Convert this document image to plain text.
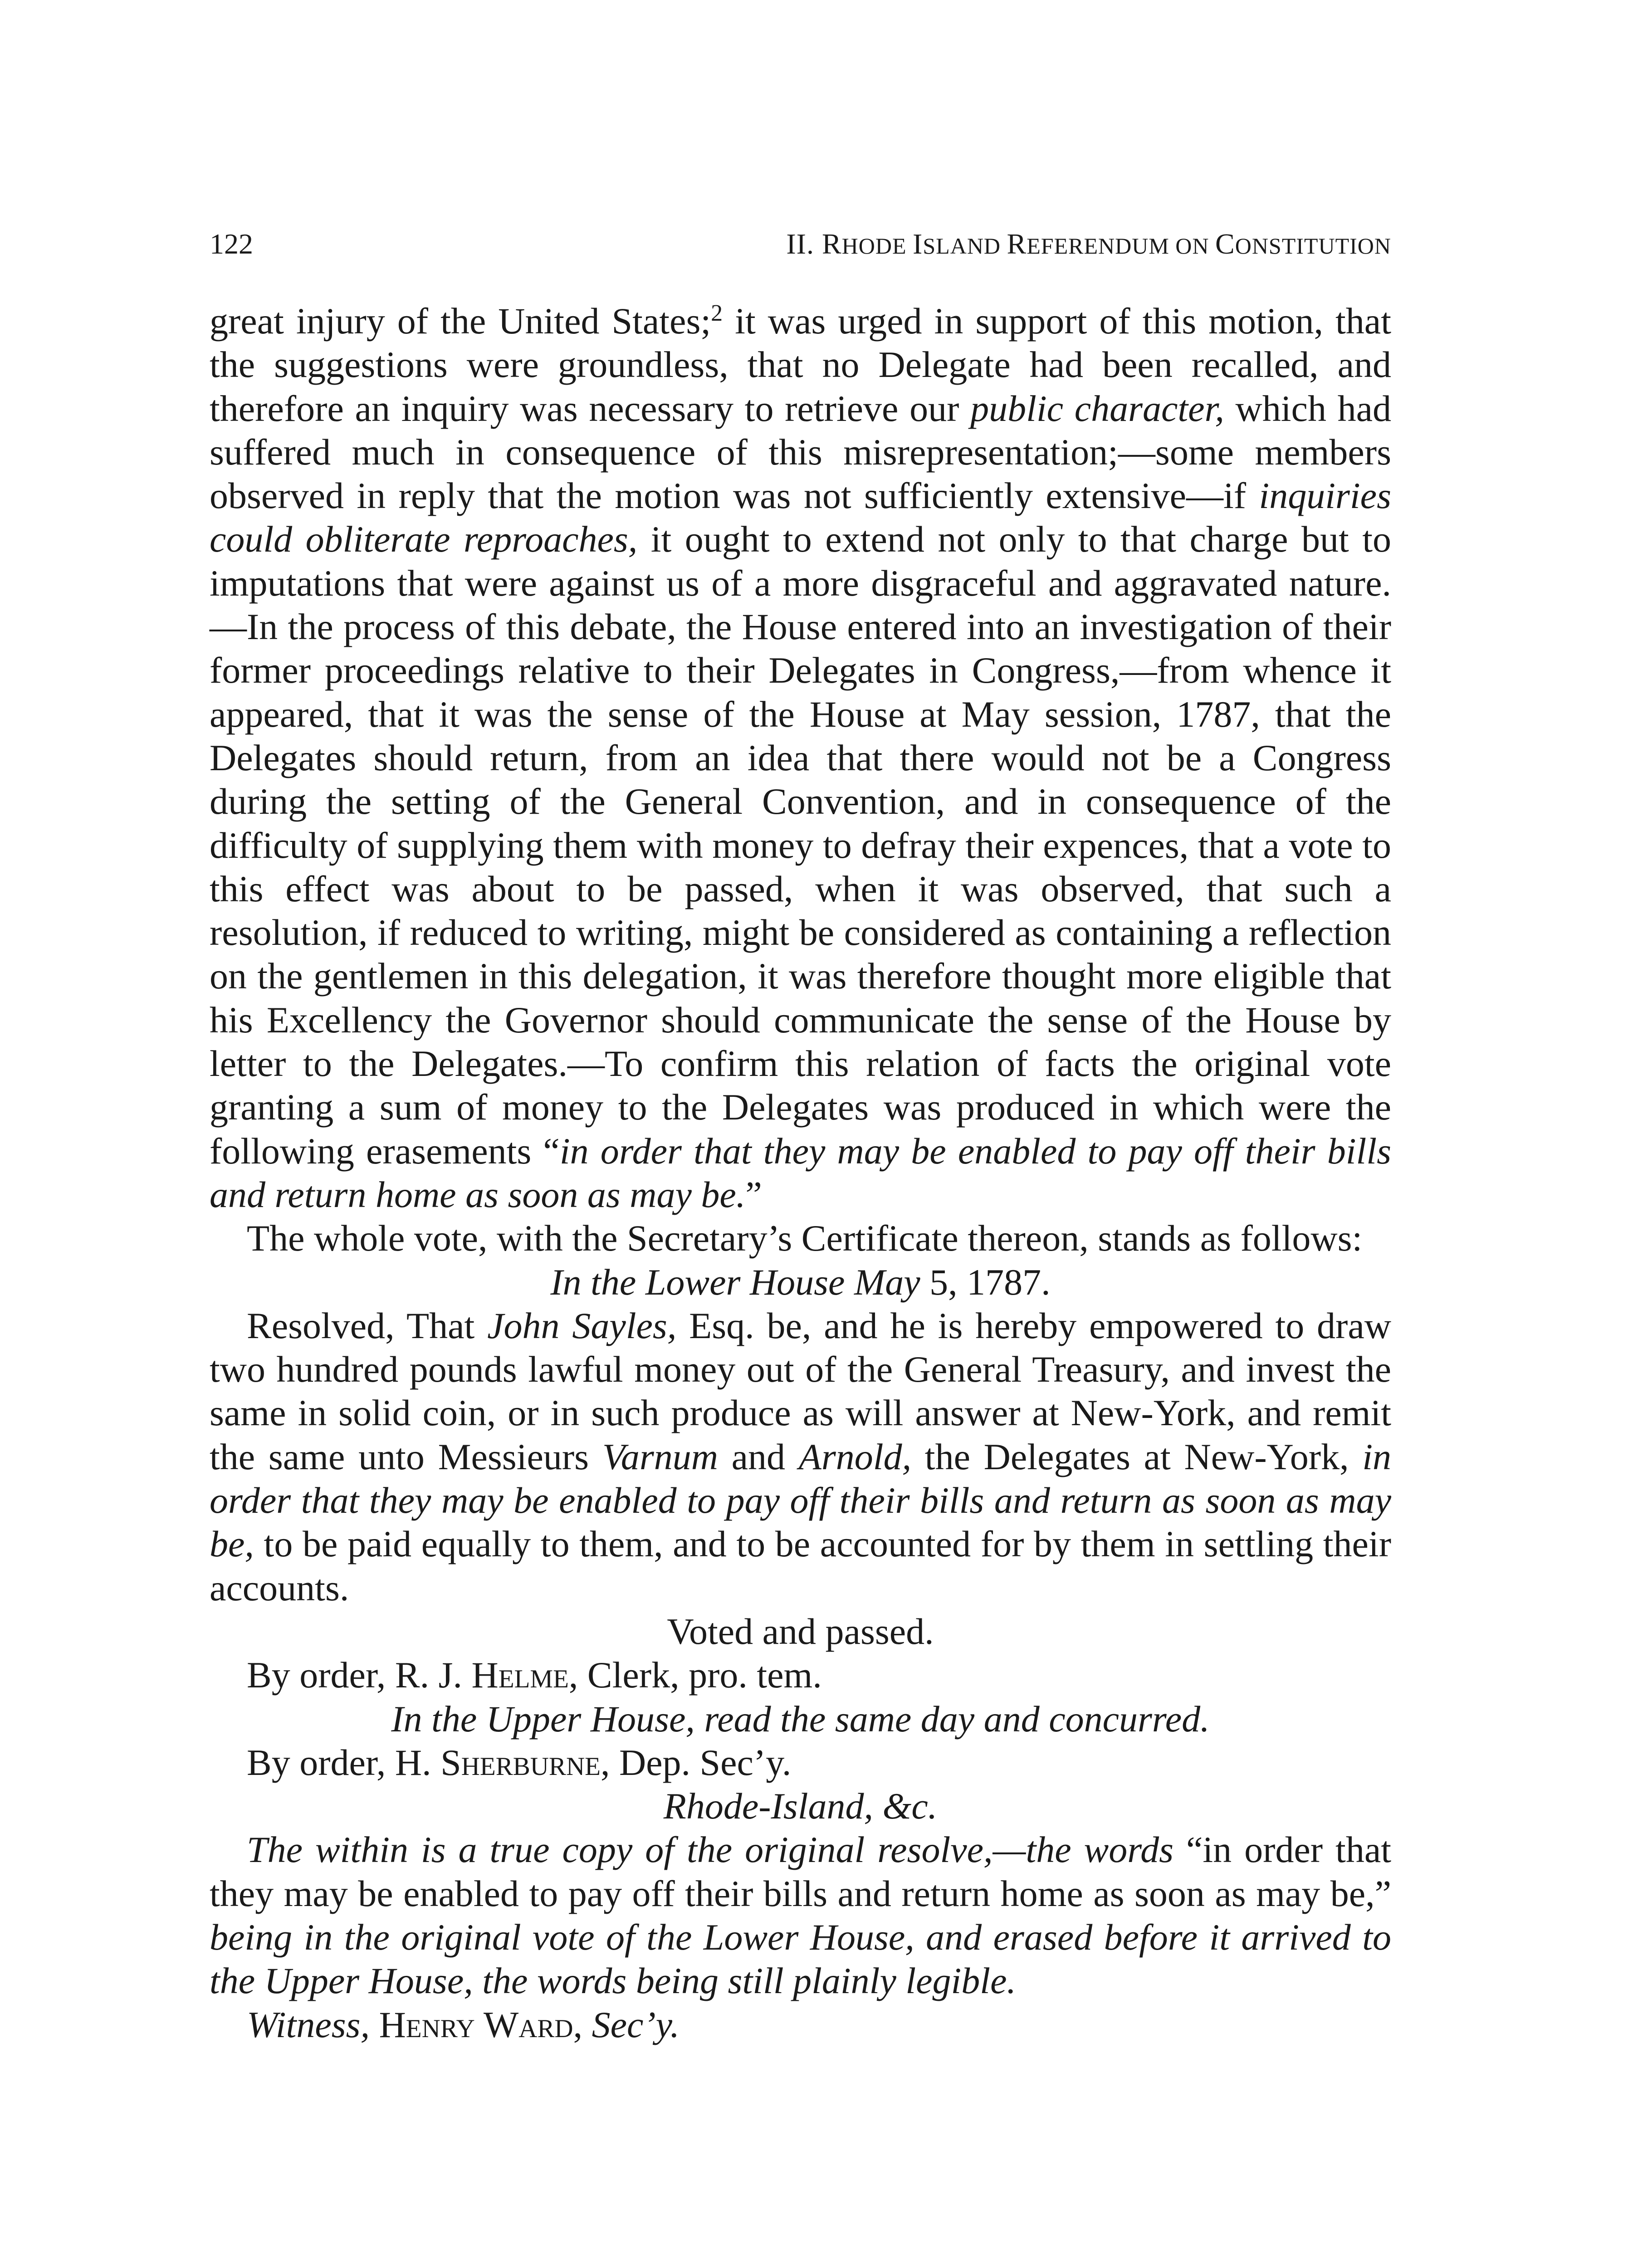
122	II. RHODE ISLAND REFERENDUM ON CONSTITUTION

great injury of the United States;$^2$ it was urged in support of this motion, that the suggestions were groundless, that no Delegate had been recalled, and therefore an inquiry was necessary to retrieve our public character, which had suffered much in consequence of this misrepresentation;—some members observed in reply that the motion was not sufficiently extensive—if inquiries could obliterate reproaches, it ought to extend not only to that charge but to imputations that were against us of a more disgraceful and aggravated nature.—In the process of this debate, the House entered into an investigation of their former proceedings relative to their Delegates in Congress,—from whence it appeared, that it was the sense of the House at May session, 1787, that the Delegates should return, from an idea that there would not be a Congress during the setting of the General Convention, and in consequence of the difficulty of supplying them with money to defray their expences, that a vote to this effect was about to be passed, when it was observed, that such a resolution, if reduced to writing, might be considered as containing a reflection on the gentlemen in this delegation, it was therefore thought more eligible that his Excellency the Governor should communicate the sense of the House by letter to the Delegates.—To confirm this relation of facts the original vote granting a sum of money to the Delegates was produced in which were the following erasements “in order that they may be enabled to pay off their bills and return home as soon as may be.”

The whole vote, with the Secretary’s Certificate thereon, stands as follows:

In the Lower House May 5, 1787.

Resolved, That John Sayles, Esq. be, and he is hereby empowered to draw two hundred pounds lawful money out of the General Treasury, and invest the same in solid coin, or in such produce as will answer at New-York, and remit the same unto Messieurs Varnum and Arnold, the Delegates at New-York, in order that they may be enabled to pay off their bills and return as soon as may be, to be paid equally to them, and to be accounted for by them in settling their accounts.

Voted and passed.

By order, R. J. Helme, Clerk, pro. tem.

In the Upper House, read the same day and concurred.

By order, H. Sherburne, Dep. Sec’y.

Rhode-Island, &c.

The within is a true copy of the original resolve,—the words “in order that they may be enabled to pay off their bills and return home as soon as may be,” being in the original vote of the Lower House, and erased before it arrived to the Upper House, the words being still plainly legible.

Witness, Henry Ward, Sec’y.
